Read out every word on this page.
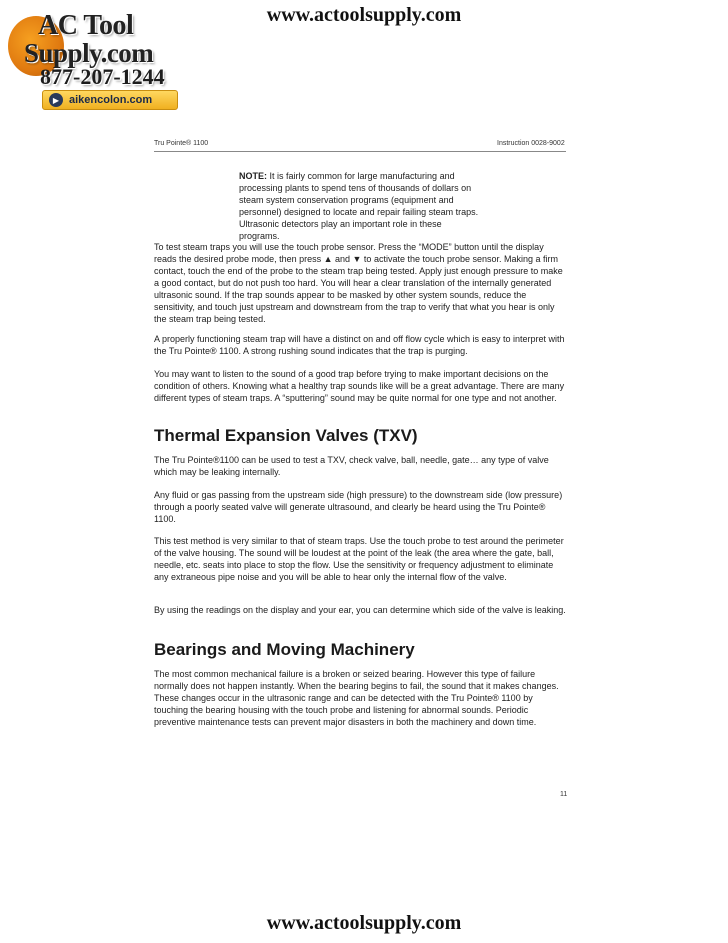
www.actoolsupply.com
AC Tool
Supply.com
877-207-1244
▶ aikencolon.com
Tru Pointe® 1100	Instruction 0028-9002
NOTE: It is fairly common for large manufacturing and processing plants to spend tens of thousands of dollars on steam system conservation programs (equipment and personnel) designed to locate and repair failing steam traps. Ultrasonic detectors play an important role in these programs.

To test steam traps you will use the touch probe sensor. Press the “MODE” button until the display reads the desired probe mode, then press ▲ and ▼ to activate the touch probe sensor. Making a firm contact, touch the end of the probe to the steam trap being tested. Apply just enough pressure to make a good contact, but do not push too hard. You will hear a clear translation of the internally generated ultrasonic sound. If the trap sounds appear to be masked by other system sounds, reduce the sensitivity, and touch just upstream and downstream from the trap to verify that what you hear is only the steam trap being tested.

A properly functioning steam trap will have a distinct on and off flow cycle which is easy to interpret with the Tru Pointe® 1100. A strong rushing sound indicates that the trap is purging.

You may want to listen to the sound of a good trap before trying to make important decisions on the condition of others. Knowing what a healthy trap sounds like will be a great advantage. There are many different types of steam traps. A “sputtering” sound may be quite normal for one type and not another.

Thermal Expansion Valves (TXV)

The Tru Pointe®1100 can be used to test a TXV, check valve, ball, needle, gate… any type of valve which may be leaking internally.

Any fluid or gas passing from the upstream side (high pressure) to the downstream side (low pressure) through a poorly seated valve will generate ultrasound, and clearly be heard using the Tru Pointe® 1100.

This test method is very similar to that of steam traps. Use the touch probe to test around the perimeter of the valve housing. The sound will be loudest at the point of the leak (the area where the gate, ball, needle, etc. seats into place to stop the flow. Use the sensitivity or frequency adjustment to eliminate any extraneous pipe noise and you will be able to hear only the internal flow of the valve.

By using the readings on the display and your ear, you can determine which side of the valve is leaking.

Bearings and Moving Machinery

The most common mechanical failure is a broken or seized bearing. However this type of failure normally does not happen instantly. When the bearing begins to fail, the sound that it makes changes. These changes occur in the ultrasonic range and can be detected with the Tru Pointe® 1100 by touching the bearing housing with the touch probe and listening for abnormal sounds. Periodic preventive maintenance tests can prevent major disasters in both the machinery and down time.

11
www.actoolsupply.com
